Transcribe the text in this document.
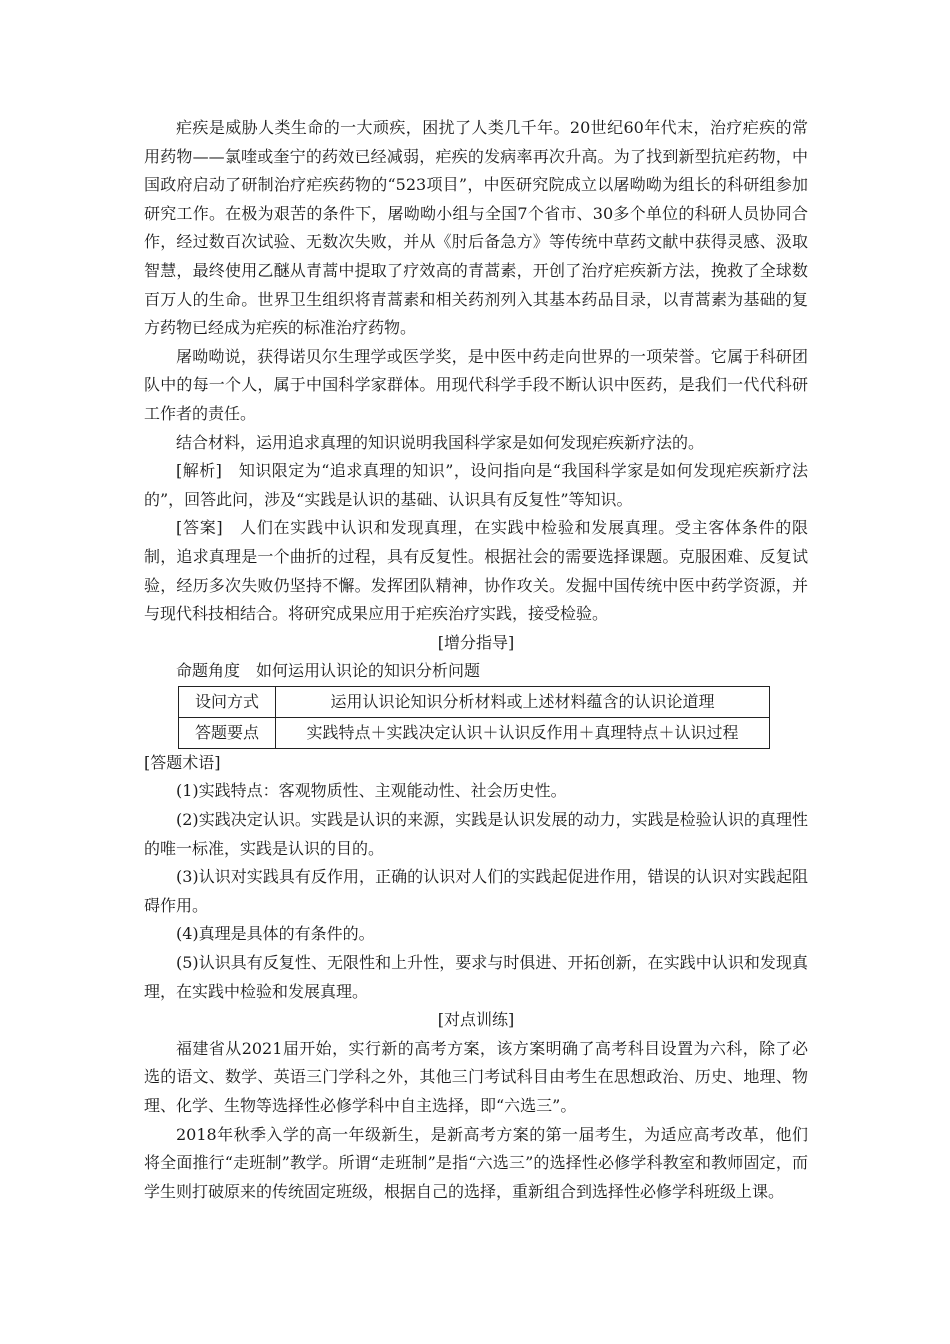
疟疾是威胁人类生命的一大顽疾，困扰了人类几千年。20世纪60年代末，治疗疟疾的常用药物——氯喹或奎宁的药效已经减弱，疟疾的发病率再次升高。为了找到新型抗疟药物，中国政府启动了研制治疗疟疾药物的“523项目”，中医研究院成立以屠呦呦为组长的科研组参加研究工作。在极为艰苦的条件下，屠呦呦小组与全国7个省市、30多个单位的科研人员协同合作，经过数百次试验、无数次失败，并从《肘后备急方》等传统中草药文献中获得灵感、汲取智慧，最终使用乙醚从青蒿中提取了疗效高的青蒿素，开创了治疗疟疾新方法，挽救了全球数百万人的生命。世界卫生组织将青蒿素和相关药剂列入其基本药品目录，以青蒿素为基础的复方药物已经成为疟疾的标准治疗药物。

屠呦呦说，获得诺贝尔生理学或医学奖，是中医中药走向世界的一项荣誉。它属于科研团队中的每一个人，属于中国科学家群体。用现代科学手段不断认识中医药，是我们一代代科研工作者的责任。

结合材料，运用追求真理的知识说明我国科学家是如何发现疟疾新疗法的。

[解析]　知识限定为“追求真理的知识”，设问指向是“我国科学家是如何发现疟疾新疗法的”，回答此问，涉及“实践是认识的基础、认识具有反复性”等知识。

[答案]　人们在实践中认识和发现真理，在实践中检验和发展真理。受主客体条件的限制，追求真理是一个曲折的过程，具有反复性。根据社会的需要选择课题。克服困难、反复试验，经历多次失败仍坚持不懈。发挥团队精神，协作攻关。发掘中国传统中医中药学资源，并与现代科技相结合。将研究成果应用于疟疾治疗实践，接受检验。

[增分指导]

命题角度　如何运用认识论的知识分析问题

设问方式	运用认识论知识分析材料或上述材料蕴含的认识论道理
答题要点	实践特点＋实践决定认识＋认识反作用＋真理特点＋认识过程

[答题术语]

(1)实践特点：客观物质性、主观能动性、社会历史性。

(2)实践决定认识。实践是认识的来源，实践是认识发展的动力，实践是检验认识的真理性的唯一标准，实践是认识的目的。

(3)认识对实践具有反作用，正确的认识对人们的实践起促进作用，错误的认识对实践起阻碍作用。

(4)真理是具体的有条件的。

(5)认识具有反复性、无限性和上升性，要求与时俱进、开拓创新，在实践中认识和发现真理，在实践中检验和发展真理。

[对点训练]

福建省从2021届开始，实行新的高考方案，该方案明确了高考科目设置为六科，除了必选的语文、数学、英语三门学科之外，其他三门考试科目由考生在思想政治、历史、地理、物理、化学、生物等选择性必修学科中自主选择，即“六选三”。

2018年秋季入学的高一年级新生，是新高考方案的第一届考生，为适应高考改革，他们将全面推行“走班制”教学。所谓“走班制”是指“六选三”的选择性必修学科教室和教师固定，而学生则打破原来的传统固定班级，根据自己的选择，重新组合到选择性必修学科班级上课。
